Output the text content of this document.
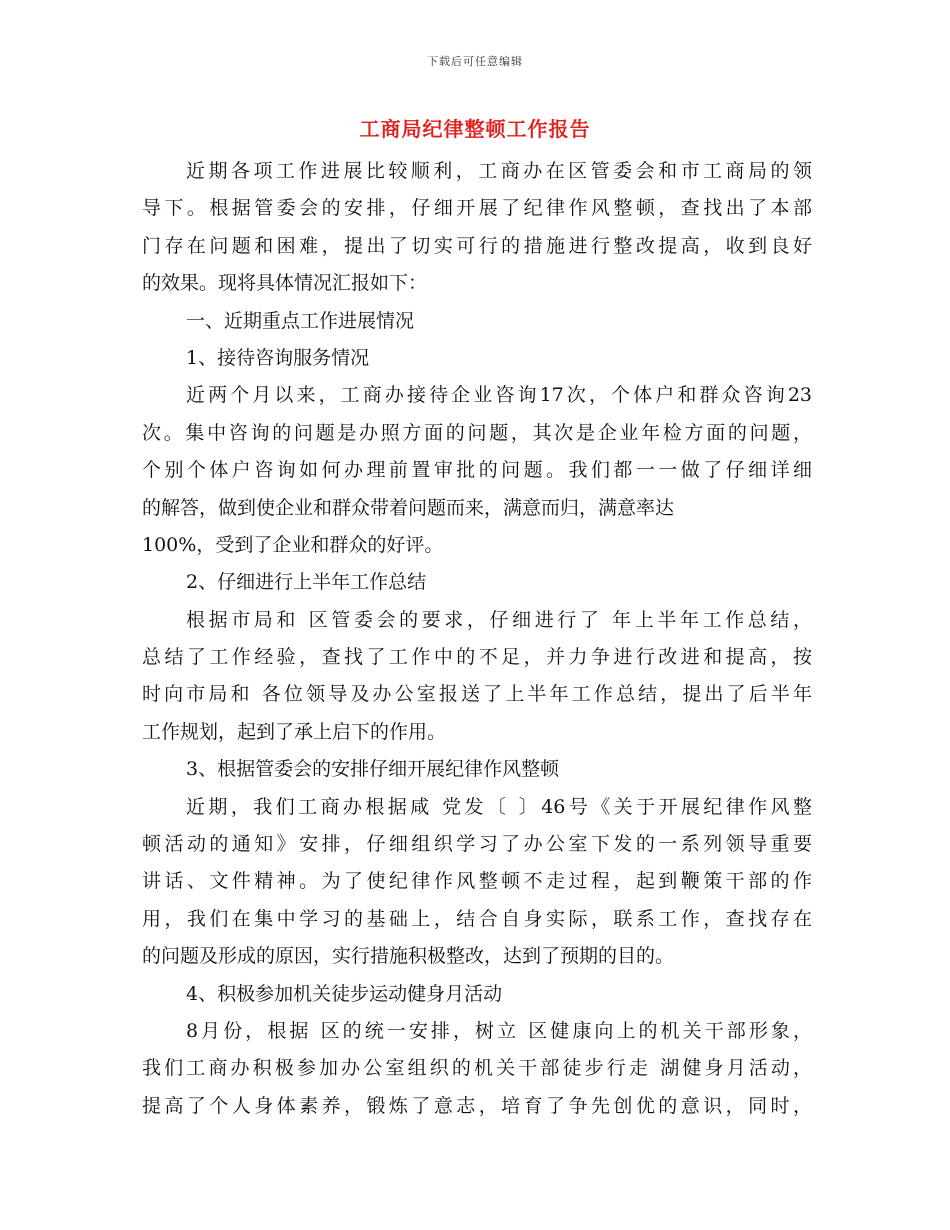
下载后可任意编辑
工商局纪律整顿工作报告
近期各项工作进展比较顺利，工商办在区管委会和市工商局的领
导下。根据管委会的安排，仔细开展了纪律作风整顿，查找出了本部
门存在问题和困难，提出了切实可行的措施进行整改提高，收到良好
的效果。现将具体情况汇报如下：
一、近期重点工作进展情况
1、接待咨询服务情况
近两个月以来，工商办接待企业咨询17次，个体户和群众咨询23
次。集中咨询的问题是办照方面的问题，其次是企业年检方面的问题，
个别个体户咨询如何办理前置审批的问题。我们都一一做了仔细详细
的解答，做到使企业和群众带着问题而来，满意而归，满意率达
100%，受到了企业和群众的好评。
2、仔细进行上半年工作总结
根据市局和 区管委会的要求，仔细进行了 年上半年工作总结，
总结了工作经验，查找了工作中的不足，并力争进行改进和提高，按
时向市局和 各位领导及办公室报送了上半年工作总结，提出了后半年
工作规划，起到了承上启下的作用。
3、根据管委会的安排仔细开展纪律作风整顿
近期，我们工商办根据咸 党发〔 〕46号《关于开展纪律作风整
顿活动的通知》安排，仔细组织学习了办公室下发的一系列领导重要
讲话、文件精神。为了使纪律作风整顿不走过程，起到鞭策干部的作
用，我们在集中学习的基础上，结合自身实际，联系工作，查找存在
的问题及形成的原因，实行措施积极整改，达到了预期的目的。
4、积极参加机关徒步运动健身月活动
8月份，根据 区的统一安排，树立 区健康向上的机关干部形象，
我们工商办积极参加办公室组织的机关干部徒步行走 湖健身月活动，
提高了个人身体素养，锻炼了意志，培育了争先创优的意识，同时，
